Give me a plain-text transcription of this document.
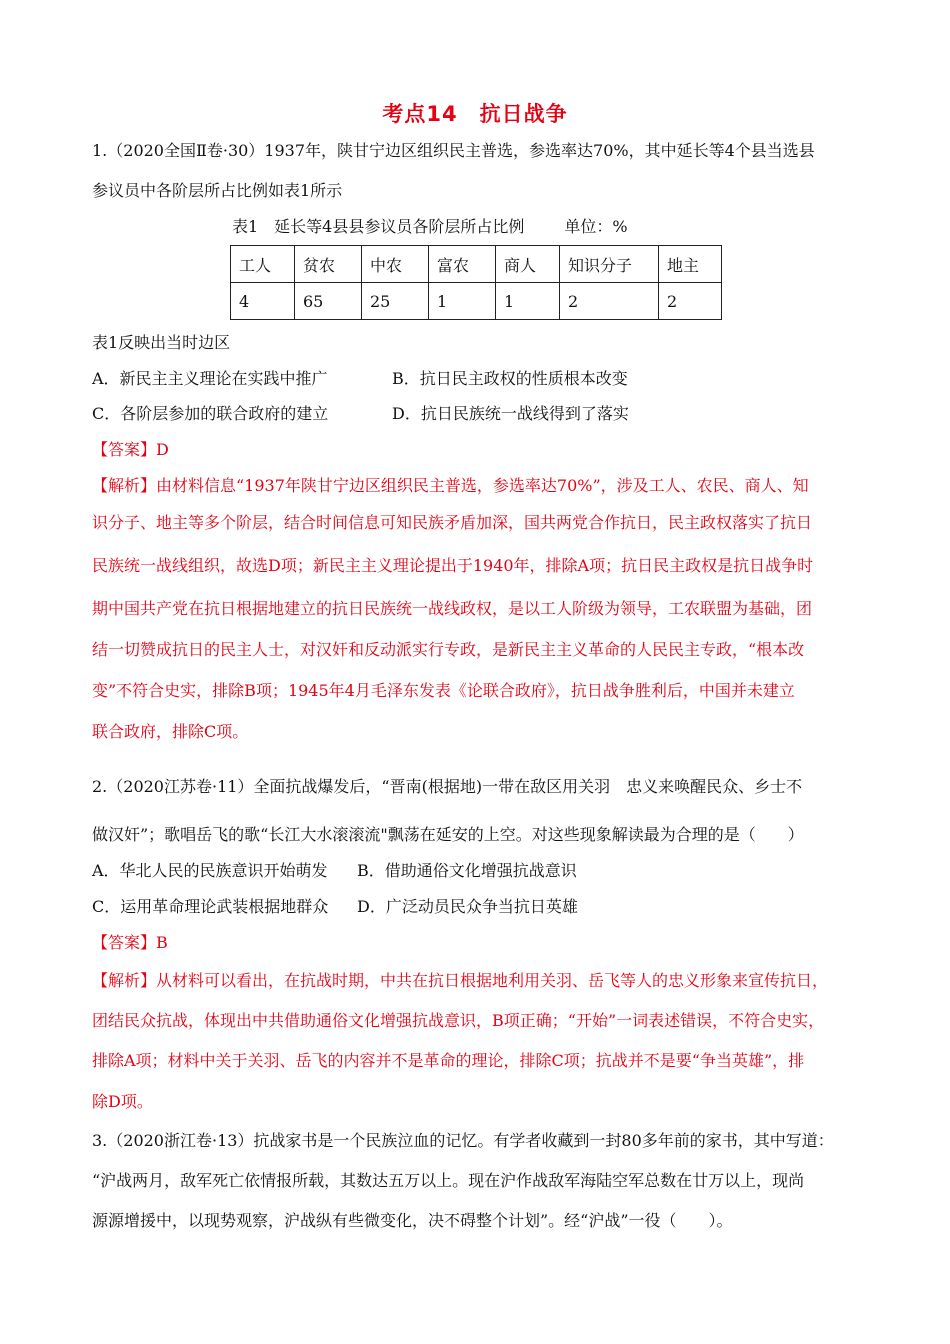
考点14　抗日战争
1.（2020全国Ⅱ卷·30）1937年，陕甘宁边区组织民主普选，参选率达70%，其中延长等4个县当选县
参议员中各阶层所占比例如表1所示
表1　延长等4县县参议员各阶层所占比例	单位：%
工人	贫农	中农	富农	商人	知识分子	地主
4	65	25	1	1	2	2
表1反映出当时边区
A．新民主主义理论在实践中推广	B．抗日民主政权的性质根本改变
C．各阶层参加的联合政府的建立	D．抗日民族统一战线得到了落实
【答案】D
【解析】由材料信息“1937年陕甘宁边区组织民主普选，参选率达70%”，涉及工人、农民、商人、知
识分子、地主等多个阶层，结合时间信息可知民族矛盾加深，国共两党合作抗日，民主政权落实了抗日
民族统一战线组织，故选D项；新民主主义理论提出于1940年，排除A项；抗日民主政权是抗日战争时
期中国共产党在抗日根据地建立的抗日民族统一战线政权，是以工人阶级为领导，工农联盟为基础，团
结一切赞成抗日的民主人士，对汉奸和反动派实行专政，是新民主主义革命的人民民主专政，“根本改
变”不符合史实，排除B项；1945年4月毛泽东发表《论联合政府》，抗日战争胜利后，中国并未建立
联合政府，排除C项。
2.（2020江苏卷·11）全面抗战爆发后，“晋南(根据地)一带在敌区用关羽　忠义来唤醒民众、乡士不
做汉奸”；歌唱岳飞的歌“长江大水滚滚流"飘荡在延安的上空。对这些现象解读最为合理的是（　　）
A．华北人民的民族意识开始萌发 B．借助通俗文化增强抗战意识
C．运用革命理论武装根据地群众 D．广泛动员民众争当抗日英雄
【答案】B
【解析】从材料可以看出，在抗战时期，中共在抗日根据地利用关羽、岳飞等人的忠义形象来宣传抗日，
团结民众抗战，体现出中共借助通俗文化增强抗战意识，B项正确；“开始”一词表述错误，不符合史实，
排除A项；材料中关于关羽、岳飞的内容并不是革命的理论，排除C项；抗战并不是要“争当英雄”，排
除D项。
3.（2020浙江卷·13）抗战家书是一个民族泣血的记忆。有学者收藏到一封80多年前的家书，其中写道：
“沪战两月，敌军死亡依情报所载，其数达五万以上。现在沪作战敌军海陆空军总数在廿万以上，现尚
源源增援中，以现势观察，沪战纵有些微变化，决不碍整个计划”。经“沪战”一役（　　）。
